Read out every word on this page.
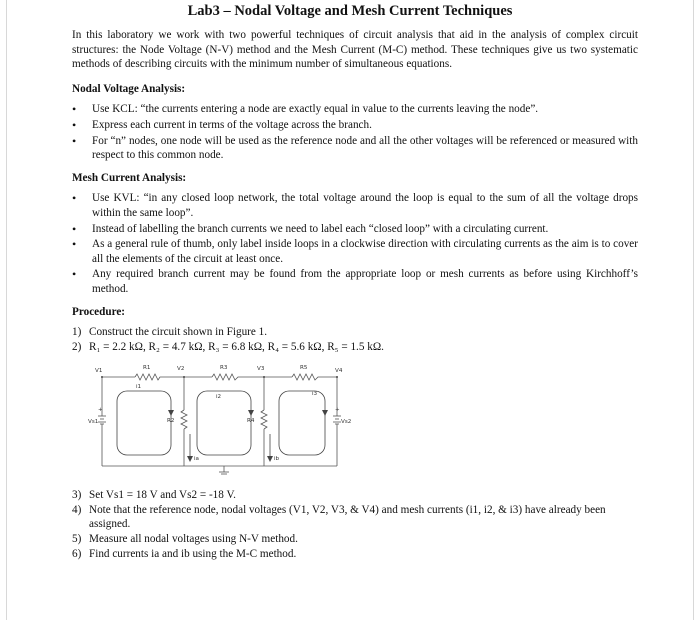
Lab3 – Nodal Voltage and Mesh Current Techniques

In this laboratory we work with two powerful techniques of circuit analysis that aid in the analysis of complex circuit structures: the Node Voltage (N-V) method and the Mesh Current (M-C) method. These techniques give us two systematic methods of describing circuits with the minimum number of simultaneous equations.

Nodal Voltage Analysis:
• Use KCL: “the currents entering a node are exactly equal in value to the currents leaving the node”.
• Express each current in terms of the voltage across the branch.
• For “n” nodes, one node will be used as the reference node and all the other voltages will be referenced or measured with respect to this common node.
Mesh Current Analysis:
• Use KVL: “in any closed loop network, the total voltage around the loop is equal to the sum of all the voltage drops within the same loop”.
• Instead of labelling the branch currents we need to label each “closed loop” with a circulating current.
• As a general rule of thumb, only label inside loops in a clockwise direction with circulating currents as the aim is to cover all the elements of the circuit at least once.
• Any required branch current may be found from the appropriate loop or mesh currents as before using Kirchhoff’s method.
Procedure:
1) Construct the circuit shown in Figure 1.
2) R₁ = 2.2 kΩ, R₂ = 4.7 kΩ, R₃ = 6.8 kΩ, R₄ = 5.6 kΩ, R₅ = 1.5 kΩ.
V1	V2	V3	V4
R1	R3	R5
R2	R4
Vs1	Vs2
+	+
i1
i2	i3
ia	ib
3) Set Vs1 = 18 V and Vs2 = -18 V.
4) Note that the reference node, nodal voltages (V1, V2, V3, & V4) and mesh currents (i1, i2, & i3) have already been assigned.
5) Measure all nodal voltages using N-V method.
6) Find currents ia and ib using the M-C method.
